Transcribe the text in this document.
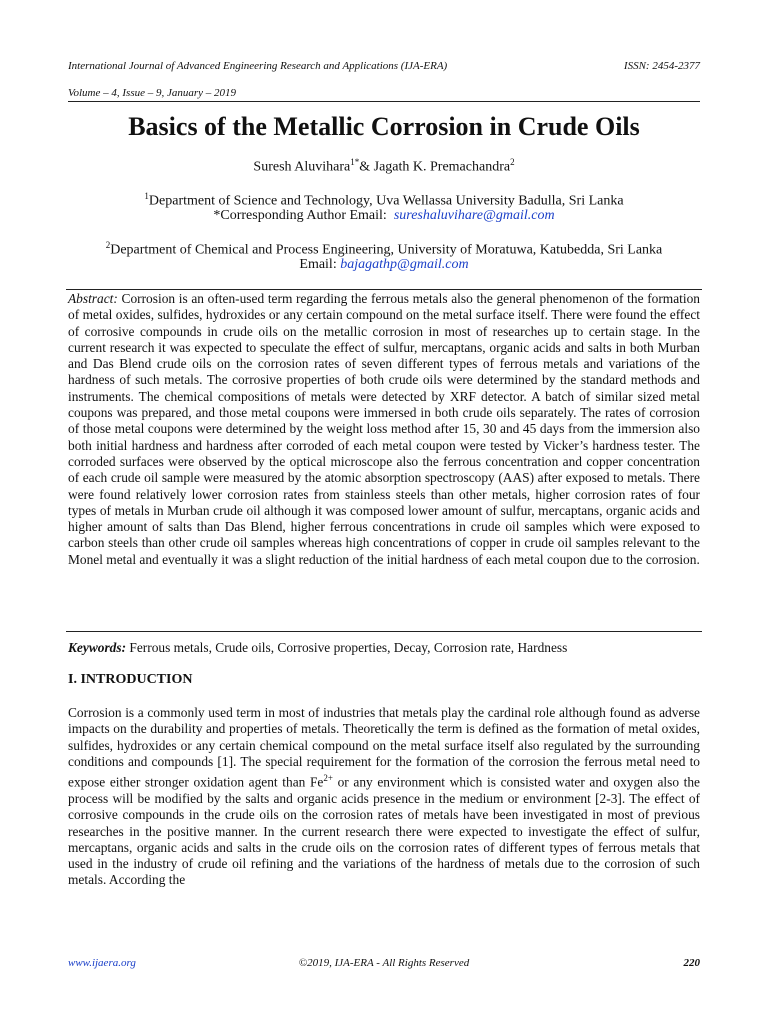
International Journal of Advanced Engineering Research and Applications (IJA-ERA)	ISSN: 2454-2377
Volume – 4, Issue – 9, January – 2019
Basics of the Metallic Corrosion in Crude Oils
Suresh Aluvihara$^{1*}$& Jagath K. Premachandra$^2$
$^1$Department of Science and Technology, Uva Wellassa University Badulla, Sri Lanka
*Corresponding Author Email: sureshaluvihare@gmail.com
$^2$Department of Chemical and Process Engineering, University of Moratuwa, Katubedda, Sri Lanka
Email: bajagathp@gmail.com

Abstract: Corrosion is an often-used term regarding the ferrous metals also the general phenomenon of the formation of metal oxides, sulfides, hydroxides or any certain compound on the metal surface itself. There were found the effect of corrosive compounds in crude oils on the metallic corrosion in most of researches up to certain stage. In the current research it was expected to speculate the effect of sulfur, mercaptans, organic acids and salts in both Murban and Das Blend crude oils on the corrosion rates of seven different types of ferrous metals and variations of the hardness of such metals. The corrosive properties of both crude oils were determined by the standard methods and instruments. The chemical compositions of metals were detected by XRF detector. A batch of similar sized metal coupons was prepared, and those metal coupons were immersed in both crude oils separately. The rates of corrosion of those metal coupons were determined by the weight loss method after 15, 30 and 45 days from the immersion also both initial hardness and hardness after corroded of each metal coupon were tested by Vicker’s hardness tester. The corroded surfaces were observed by the optical microscope also the ferrous concentration and copper concentration of each crude oil sample were measured by the atomic absorption spectroscopy (AAS) after exposed to metals. There were found relatively lower corrosion rates from stainless steels than other metals, higher corrosion rates of four types of metals in Murban crude oil although it was composed lower amount of sulfur, mercaptans, organic acids and higher amount of salts than Das Blend, higher ferrous concentrations in crude oil samples which were exposed to carbon steels than other crude oil samples whereas high concentrations of copper in crude oil samples relevant to the Monel metal and eventually it was a slight reduction of the initial hardness of each metal coupon due to the corrosion.

Keywords: Ferrous metals, Crude oils, Corrosive properties, Decay, Corrosion rate, Hardness
I. INTRODUCTION

Corrosion is a commonly used term in most of industries that metals play the cardinal role although found as adverse impacts on the durability and properties of metals. Theoretically the term is defined as the formation of metal oxides, sulfides, hydroxides or any certain chemical compound on the metal surface itself also regulated by the surrounding conditions and compounds [1]. The special requirement for the formation of the corrosion the ferrous metal need to expose either stronger oxidation agent than $Fe^{2+}$ or any environment which is consisted water and oxygen also the process will be modified by the salts and organic acids presence in the medium or environment [2-3]. The effect of corrosive compounds in the crude oils on the corrosion rates of metals have been investigated in most of previous researches in the positive manner. In the current research there were expected to investigate the effect of sulfur, mercaptans, organic acids and salts in the crude oils on the corrosion rates of different types of ferrous metals that used in the industry of crude oil refining and the variations of the hardness of metals due to the corrosion of such metals. According the

www.ijaera.org	©2019, IJA-ERA - All Rights Reserved	220
